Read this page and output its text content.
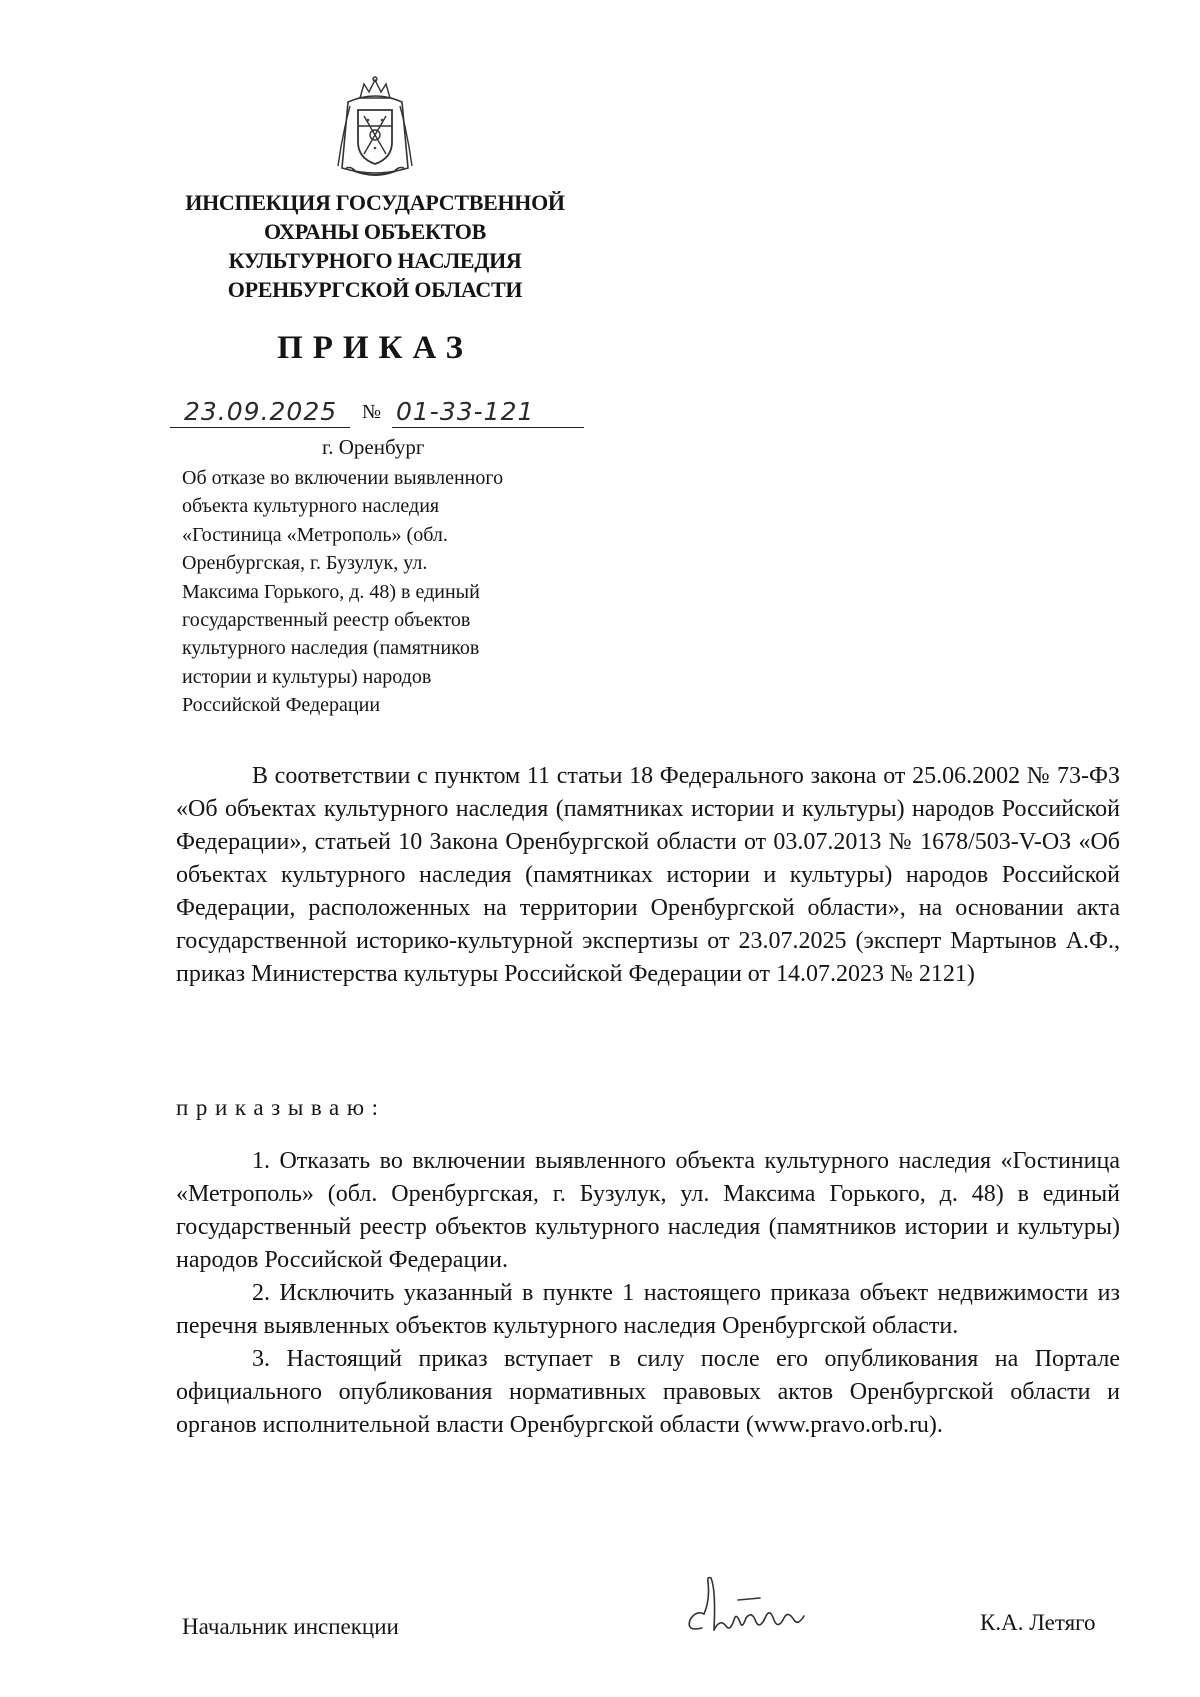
ИНСПЕКЦИЯ ГОСУДАРСТВЕННОЙ
ОХРАНЫ ОБЪЕКТОВ
КУЛЬТУРНОГО НАСЛЕДИЯ
ОРЕНБУРГСКОЙ ОБЛАСТИ
ПРИКАЗ
23.09.2025 № 01-33-121
г. Оренбург
Об отказе во включении выявленного
объекта культурного наследия
«Гостиница «Метрополь» (обл.
Оренбургская, г. Бузулук, ул.
Максима Горького, д. 48) в единый
государственный реестр объектов
культурного наследия (памятников
истории и культуры) народов
Российской Федерации
В соответствии с пунктом 11 статьи 18 Федерального закона от 25.06.2002 № 73-ФЗ «Об объектах культурного наследия (памятниках истории и культуры) народов Российской Федерации», статьей 10 Закона Оренбургской области от 03.07.2013 № 1678/503-V-ОЗ «Об объектах культурного наследия (памятниках истории и культуры) народов Российской Федерации, расположенных на территории Оренбургской области», на основании акта государственной историко-культурной экспертизы от 23.07.2025 (эксперт Мартынов А.Ф., приказ Министерства культуры Российской Федерации от 14.07.2023 № 2121)
приказываю:

1. Отказать во включении выявленного объекта культурного наследия «Гостиница «Метрополь» (обл. Оренбургская, г. Бузулук, ул. Максима Горького, д. 48) в единый государственный реестр объектов культурного наследия (памятников истории и культуры) народов Российской Федерации.

2. Исключить указанный в пункте 1 настоящего приказа объект недвижимости из перечня выявленных объектов культурного наследия Оренбургской области.

3. Настоящий приказ вступает в силу после его опубликования на Портале официального опубликования нормативных правовых актов Оренбургской области и органов исполнительной власти Оренбургской области (www.pravo.orb.ru).

Начальник инспекции	К.А. Летяго
